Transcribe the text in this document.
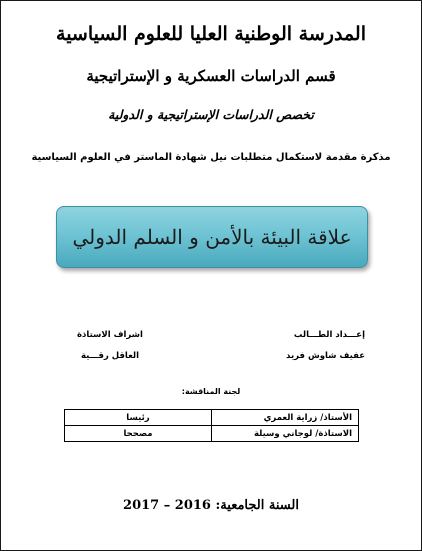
المدرسة الوطنية العليا للعلوم السياسية
قسم الدراسات العسكرية و الإستراتيجية
تخصص الدراسات الإستراتيجية و الدولية
مذكرة مقدمة لاستكمال متطلبات نيل شهادة الماستر في العلوم السياسية
علاقة البيئة بالأمن و السلم الدولي
إعـــداد الطـــالب
عفيف شاوش فريد
اشراف الاستاذة
العاقل رقـــية
لجنة المناقشة:
الأستاذ/ زراية العمري	رئيسا
الاستاذة/ لوجاني وسيلة	مصححا
السنة الجامعية: 2016 – 2017
